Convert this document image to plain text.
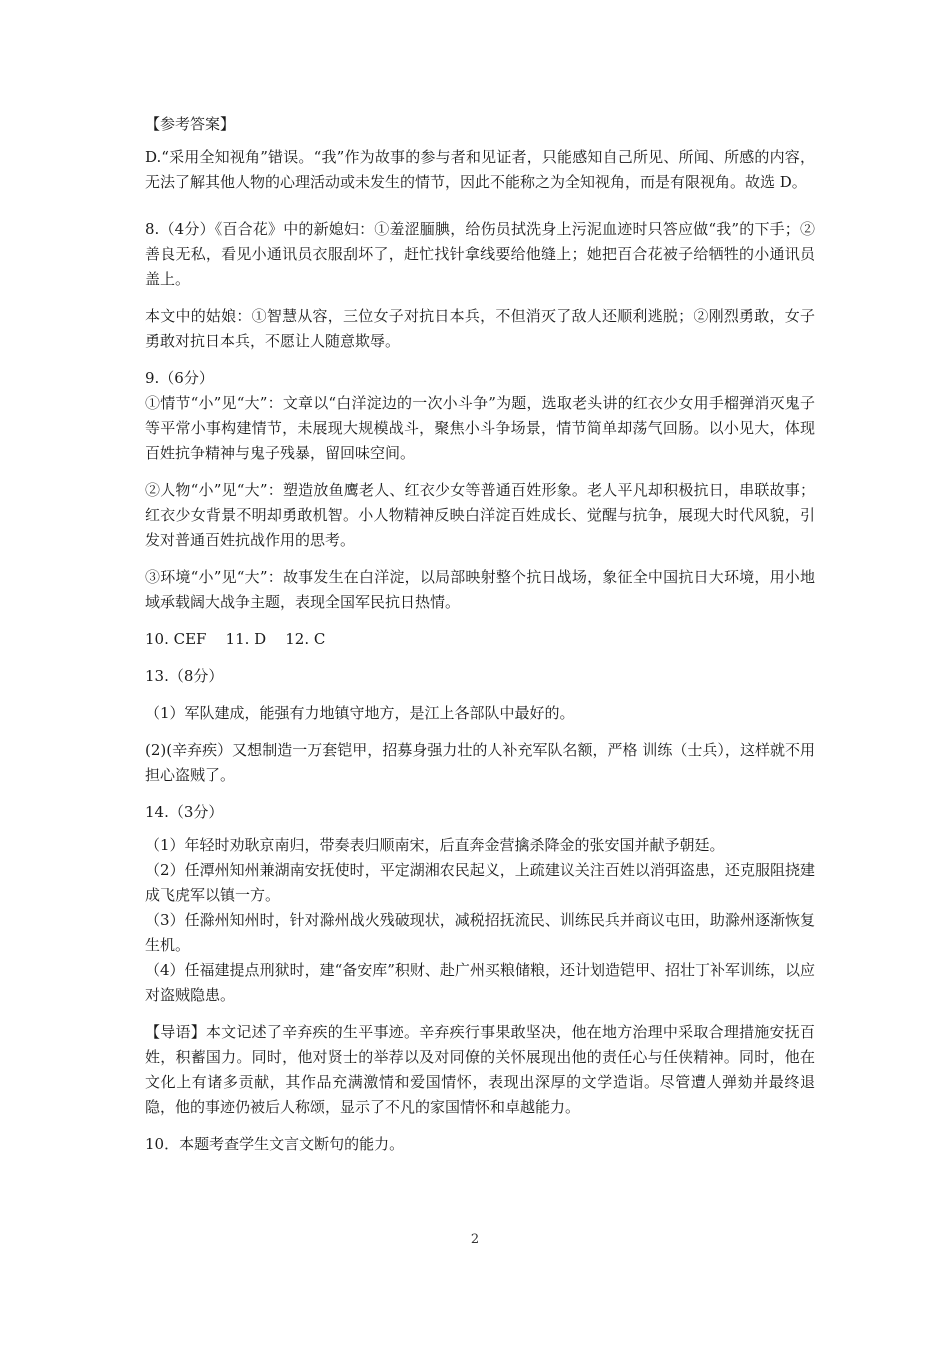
【参考答案】

D.“采用全知视角”错误。“我”作为故事的参与者和见证者，只能感知自己所见、所闻、所感的内容，无法了解其他人物的心理活动或未发生的情节，因此不能称之为全知视角，而是有限视角。故选 D。

8.（4分）《百合花》中的新媳妇：①羞涩腼腆，给伤员拭洗身上污泥血迹时只答应做“我”的下手；②善良无私，看见小通讯员衣服刮坏了，赶忙找针拿线要给他缝上；她把百合花被子给牺牲的小通讯员盖上。

本文中的姑娘：①智慧从容，三位女子对抗日本兵，不但消灭了敌人还顺利逃脱；②刚烈勇敢，女子勇敢对抗日本兵，不愿让人随意欺辱。

9.（6分）

①情节“小”见“大”：文章以“白洋淀边的一次小斗争”为题，选取老头讲的红衣少女用手榴弹消灭鬼子等平常小事构建情节，未展现大规模战斗，聚焦小斗争场景，情节简单却荡气回肠。以小见大，体现百姓抗争精神与鬼子残暴，留回味空间。

②人物“小”见“大”：塑造放鱼鹰老人、红衣少女等普通百姓形象。老人平凡却积极抗日，串联故事；红衣少女背景不明却勇敢机智。小人物精神反映白洋淀百姓成长、觉醒与抗争，展现大时代风貌，引发对普通百姓抗战作用的思考。

③环境“小”见“大”：故事发生在白洋淀，以局部映射整个抗日战场，象征全中国抗日大环境，用小地域承载阔大战争主题，表现全国军民抗日热情。

10. CEF    11. D    12. C

13.（8分）

（1）军队建成，能强有力地镇守地方，是江上各部队中最好的。

(2)(辛弃疾）又想制造一万套铠甲，招募身强力壮的人补充军队名额，严格 训练（士兵），这样就不用担心盗贼了。

14.（3分）

（1）年轻时劝耿京南归，带奏表归顺南宋，后直奔金营擒杀降金的张安国并献予朝廷。

（2）任潭州知州兼湖南安抚使时，平定湖湘农民起义，上疏建议关注百姓以消弭盗患，还克服阻挠建成飞虎军以镇一方。

（3）任滁州知州时，针对滁州战火残破现状，减税招抚流民、训练民兵并商议屯田，助滁州逐渐恢复生机。

（4）任福建提点刑狱时，建“备安库”积财、赴广州买粮储粮，还计划造铠甲、招壮丁补军训练，以应对盗贼隐患。

【导语】本文记述了辛弃疾的生平事迹。辛弃疾行事果敢坚决，他在地方治理中采取合理措施安抚百姓，积蓄国力。同时，他对贤士的举荐以及对同僚的关怀展现出他的责任心与任侠精神。同时，他在文化上有诸多贡献，其作品充满激情和爱国情怀，表现出深厚的文学造诣。尽管遭人弹劾并最终退隐，他的事迹仍被后人称颂，显示了不凡的家国情怀和卓越能力。

10．本题考查学生文言文断句的能力。

2
